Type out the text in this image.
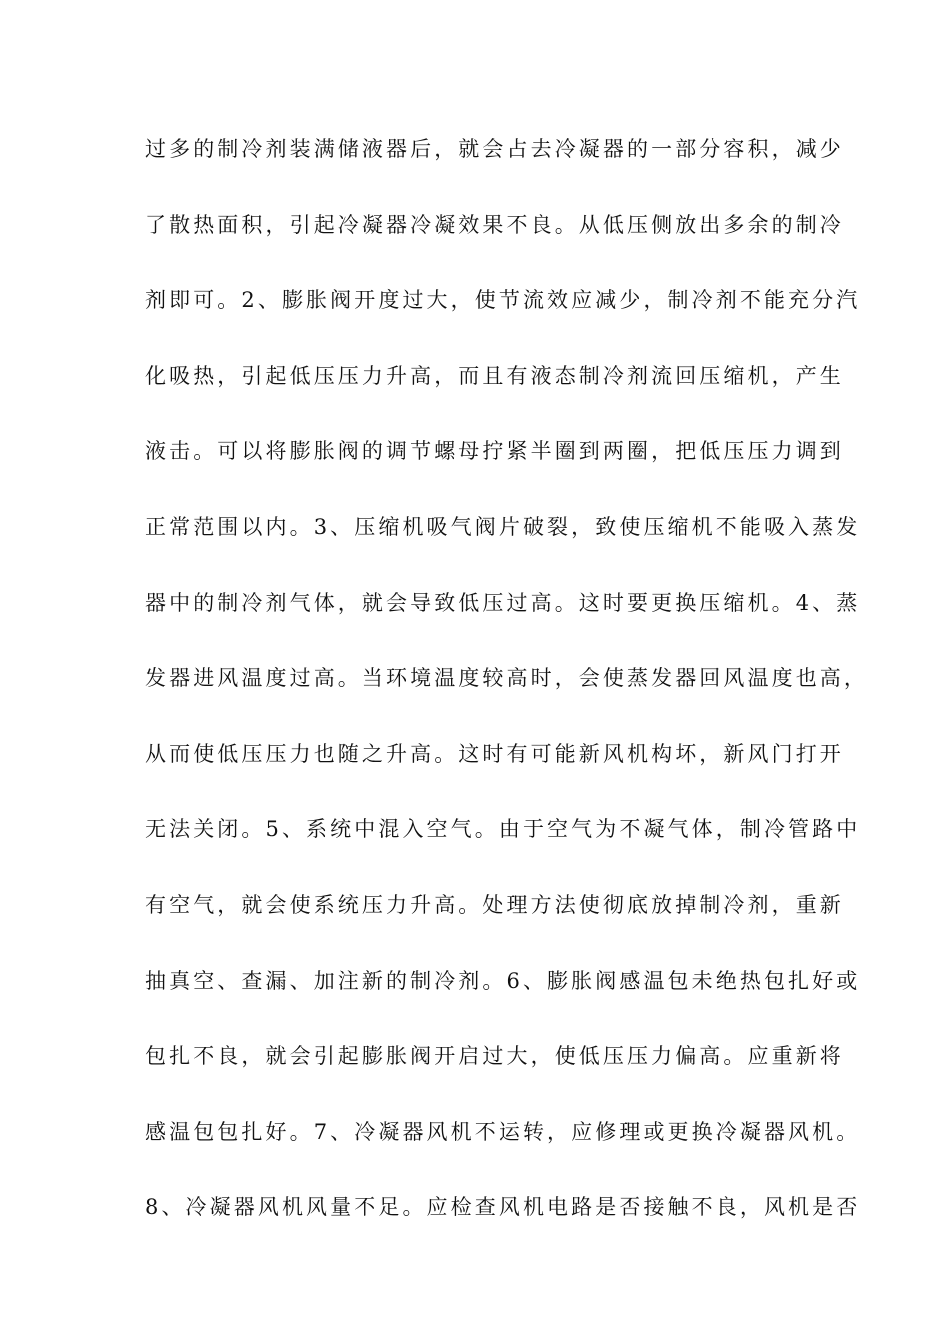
过多的制冷剂装满储液器后，就会占去冷凝器的一部分容积，减少
了散热面积，引起冷凝器冷凝效果不良。从低压侧放出多余的制冷
剂即可。2、膨胀阀开度过大，使节流效应减少，制冷剂不能充分汽
化吸热，引起低压压力升高，而且有液态制冷剂流回压缩机，产生
液击。可以将膨胀阀的调节螺母拧紧半圈到两圈，把低压压力调到
正常范围以内。3、压缩机吸气阀片破裂，致使压缩机不能吸入蒸发
器中的制冷剂气体，就会导致低压过高。这时要更换压缩机。4、蒸
发器进风温度过高。当环境温度较高时，会使蒸发器回风温度也高，
从而使低压压力也随之升高。这时有可能新风机构坏，新风门打开
无法关闭。5、系统中混入空气。由于空气为不凝气体，制冷管路中
有空气，就会使系统压力升高。处理方法使彻底放掉制冷剂，重新
抽真空、查漏、加注新的制冷剂。6、膨胀阀感温包未绝热包扎好或
包扎不良，就会引起膨胀阀开启过大，使低压压力偏高。应重新将
感温包包扎好。7、冷凝器风机不运转，应修理或更换冷凝器风机。
8、冷凝器风机风量不足。应检查风机电路是否接触不良，风机是否
